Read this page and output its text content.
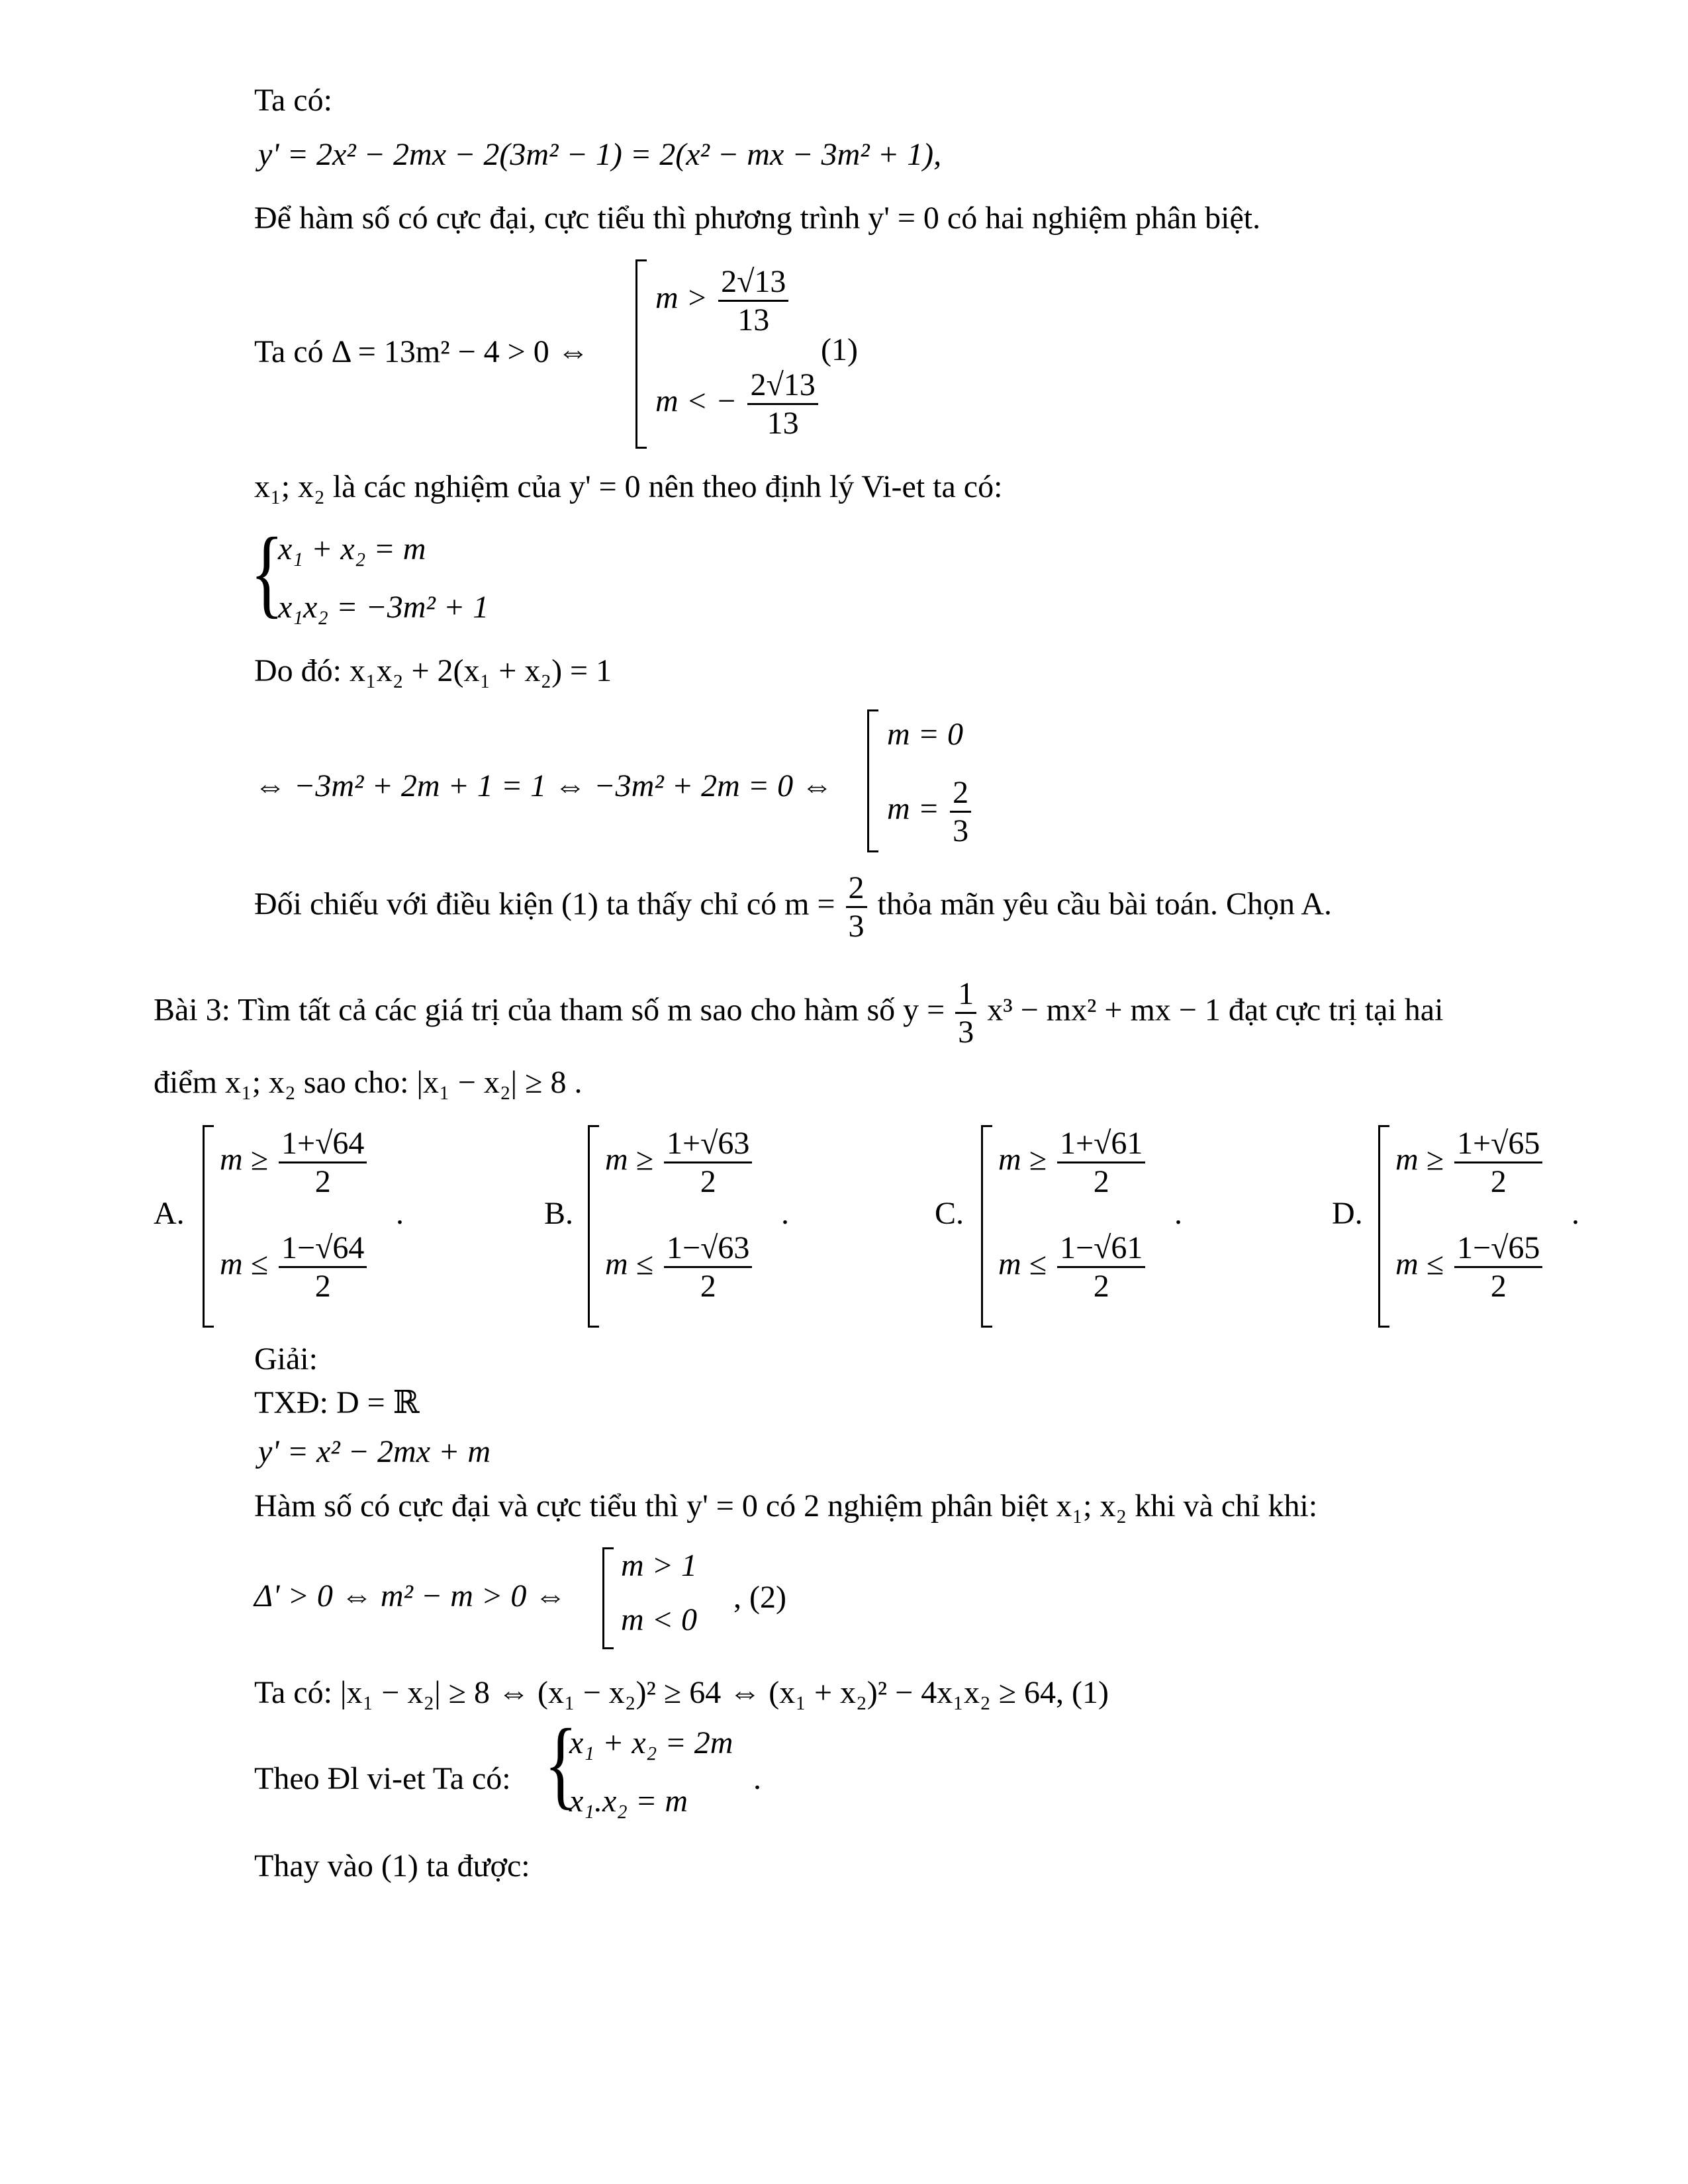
Ta có:
y' = 2x² − 2mx − 2(3m² − 1) = 2(x² − mx − 3m² + 1),
Để hàm số có cực đại, cực tiểu thì phương trình y' = 0 có hai nghiệm phân biệt.
Ta có Δ = 13m² − 4 > 0 ⇔
$m > \frac{2√13}{13}$
(1)
m < − $\frac{2√13}{13}$
x₁; x₂ là các nghiệm của y' = 0 nên theo định lý Vi-et ta có:
{
x₁ + x₂ = m
x₁x₂ = −3m² + 1
Do đó: x₁x₂ + 2(x₁ + x₂) = 1
⇔ −3m² + 2m + 1 = 1 ⇔ −3m² + 2m = 0 ⇔
m = 0
$m = \frac{2}{3}$
Đối chiếu với điều kiện (1) ta thấy chỉ có $m = \frac{2}{3}$ thỏa mãn yêu cầu bài toán. Chọn A.
Bài 3: Tìm tất cả các giá trị của tham số m sao cho hàm số $y = \frac{1}{3} x^3 - mx^2$ + mx − 1 đạt cực trị tại hai
điểm x₁; x₂ sao cho: |x₁ − x₂| ≥ 8 .
A.
$m \ge \frac{1+√64}{2}$
$m \le \frac{1-√64}{2}$
.	B.
$m \ge \frac{1+√63}{2}$
$m \le \frac{1-√63}{2}$
.	C.
$m \ge \frac{1+√61}{2}$
$m \le \frac{1-√61}{2}$
.	D.
$m \ge \frac{1+√65}{2}$
$m \le \frac{1-√65}{2}$
.
Giải:
TXĐ: D = ℝ
y' = x² − 2mx + m
Hàm số có cực đại và cực tiểu thì y' = 0 có 2 nghiệm phân biệt x₁; x₂ khi và chỉ khi:
Δ' > 0 ⇔ m² − m > 0 ⇔
m > 1
m < 0
, (2)
Ta có: |x₁ − x₂| ≥ 8 ⇔ (x₁ − x₂)² ≥ 64 ⇔ (x₁ + x₂)² − 4x₁x₂ ≥ 64, (1)
Theo Đl vi-et Ta có: {
x₁ + x₂ = 2m
x₁.x₂ = m
.
Thay vào (1) ta được:
